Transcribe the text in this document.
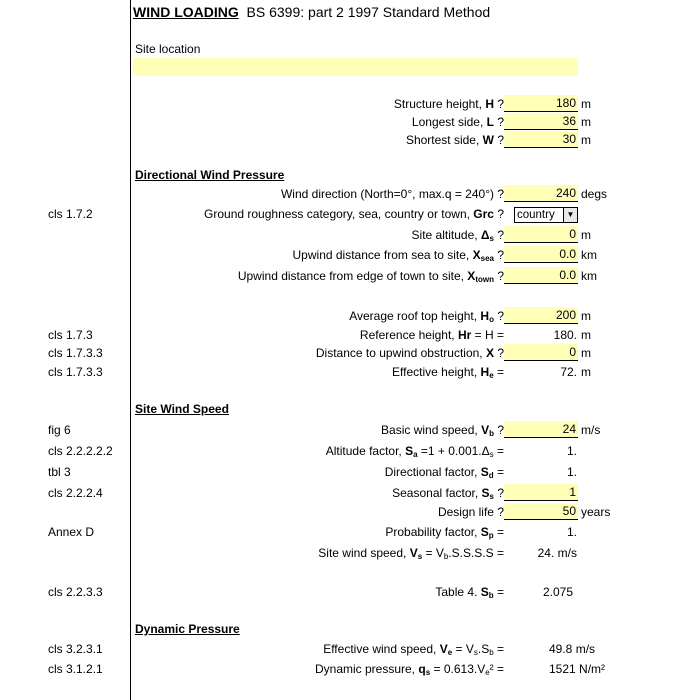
WIND LOADING BS 6399: part 2 1997 Standard Method
Site location
Structure height, H ?	180 m
Longest side, L ?	36 m
Shortest side, W ?	30 m
Directional Wind Pressure
Wind direction (North=0°, max.q = 240°) ?	240 degs
cls 1.7.2	Ground roughness category, sea, country or town, Grc ? country	▼
Site altitude, $\Delta_s$ ?	0 m
Upwind distance from sea to site, $X_{sea}$ ?	0.0 km
Upwind distance from edge of town to site, $X_{town}$ ?	0.0 km
Average roof top height, $H_o$ ?	200 m
cls 1.7.3	Reference height, Hr = H =	180. m
cls 1.7.3.3	Distance to upwind obstruction, X ?	0 m
cls 1.7.3.3	Effective height, $H_e$ =	72. m
Site Wind Speed
fig 6	Basic wind speed, $V_b$ ?	24 m/s
cls 2.2.2.2.2	Altitude factor, $S_a =1 + 0.001.\Delta_s$ =	1.
tbl 3	Directional factor, $S_d$ =	1.
cls 2.2.2.4	Seasonal factor, $S_s$ ?	1
Design life ?	50 years
Annex D	Probability factor, $S_p$ =	1.
Site wind speed, $V_s = V_b.S.S.S.S$ =	24. m/s
cls 2.2.3.3	Table 4. $S_b$ =	2.075
Dynamic Pressure
cls 3.2.3.1	Effective wind speed, $V_e = V_s.S_b$ =	49.8 m/s
cls 3.1.2.1	Dynamic pressure, $q_s = 0.613.V_e^2$ =	1521 N/m²
